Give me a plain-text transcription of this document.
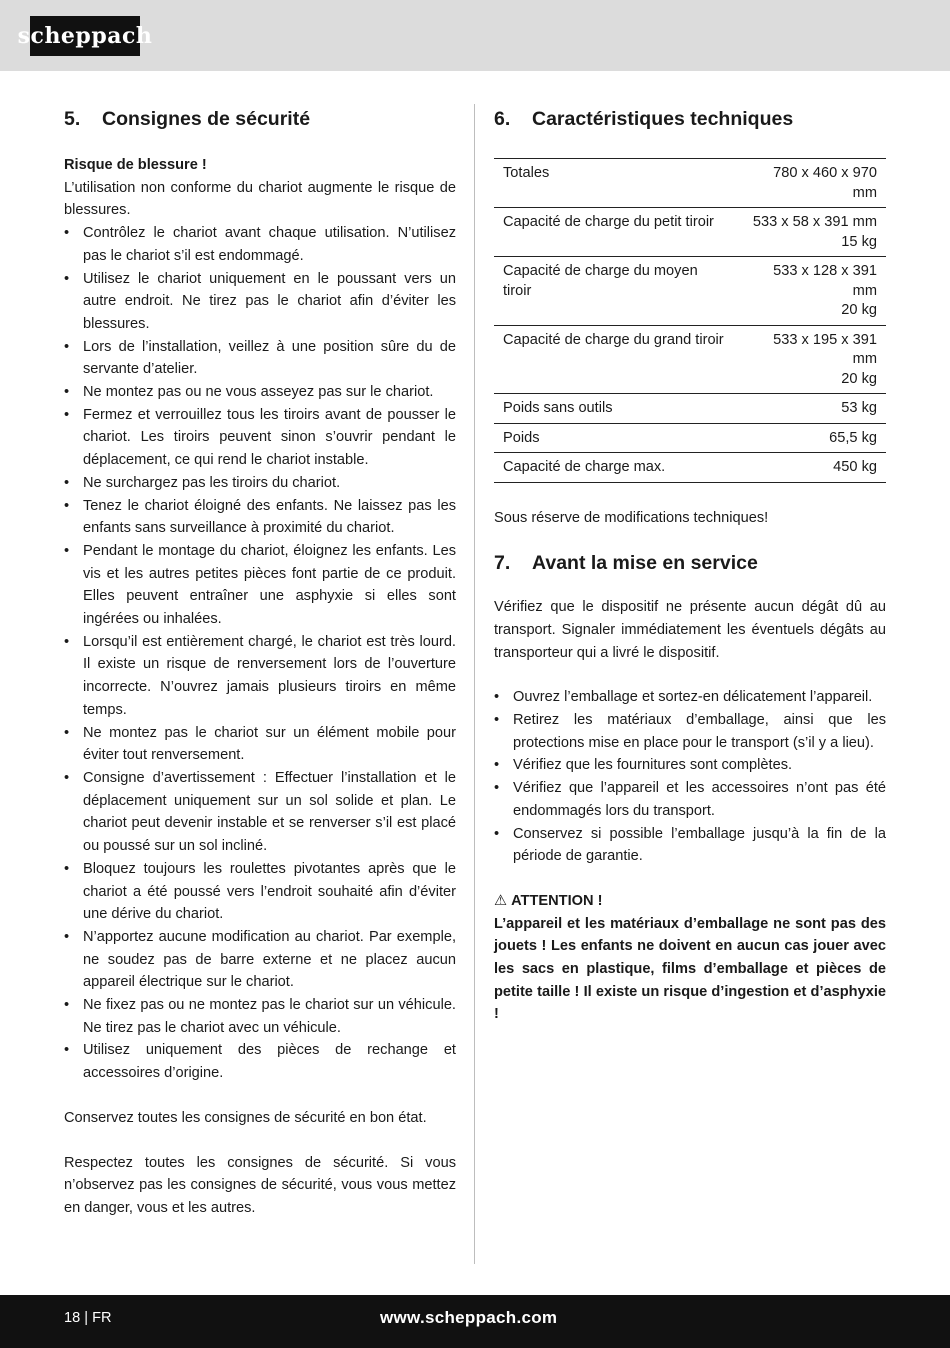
scheppach
5.	Consignes de sécurité

Risque de blessure !

L’utilisation non conforme du chariot augmente le risque de blessures.

• Contrôlez le chariot avant chaque utilisation. N’utilisez pas le chariot s’il est endommagé.
• Utilisez le chariot uniquement en le poussant vers un autre endroit. Ne tirez pas le chariot afin d’éviter les blessures.
• Lors de l’installation, veillez à une position sûre du de servante d’atelier.
• Ne montez pas ou ne vous asseyez pas sur le chariot.
• Fermez et verrouillez tous les tiroirs avant de pousser le chariot. Les tiroirs peuvent sinon s’ouvrir pendant le déplacement, ce qui rend le chariot instable.
• Ne surchargez pas les tiroirs du chariot.
• Tenez le chariot éloigné des enfants. Ne laissez pas les enfants sans surveillance à proximité du chariot.
• Pendant le montage du chariot, éloignez les enfants. Les vis et les autres petites pièces font partie de ce produit. Elles peuvent entraîner une asphyxie si elles sont ingérées ou inhalées.
• Lorsqu’il est entièrement chargé, le chariot est très lourd. Il existe un risque de renversement lors de l’ouverture incorrecte. N’ouvrez jamais plusieurs tiroirs en même temps.
• Ne montez pas le chariot sur un élément mobile pour éviter tout renversement.
• Consigne d’avertissement : Effectuer l’installation et le déplacement uniquement sur un sol solide et plan. Le chariot peut devenir instable et se renverser s’il est placé ou poussé sur un sol incliné.
• Bloquez toujours les roulettes pivotantes après que le chariot a été poussé vers l’endroit souhaité afin d’éviter une dérive du chariot.
• N’apportez aucune modification au chariot. Par exemple, ne soudez pas de barre externe et ne placez aucun appareil électrique sur le chariot.
• Ne fixez pas ou ne montez pas le chariot sur un véhicule. Ne tirez pas le chariot avec un véhicule.
• Utilisez uniquement des pièces de rechange et accessoires d’origine.

Conservez toutes les consignes de sécurité en bon état.

Respectez toutes les consignes de sécurité. Si vous n’observez pas les consignes de sécurité, vous vous mettez en danger, vous et les autres.

6.	Caractéristiques techniques
Totales	780 x 460 x 970 mm
Capacité de charge du petit tiroir	533 x 58 x 391 mm
15 kg
Capacité de charge du moyen tiroir	533 x 128 x 391 mm
20 kg
Capacité de charge du grand tiroir	533 x 195 x 391 mm
20 kg
Poids sans outils	53 kg
Poids	65,5 kg
Capacité de charge max.	450 kg

Sous réserve de modifications techniques!

7.	Avant la mise en service

Vérifiez que le dispositif ne présente aucun dégât dû au transport. Signaler immédiatement les éventuels dégâts au transporteur qui a livré le dispositif.

• Ouvrez l’emballage et sortez-en délicatement l’appareil.
• Retirez les matériaux d’emballage, ainsi que les protections mise en place pour le transport (s’il y a lieu).
• Vérifiez que les fournitures sont complètes.
• Vérifiez que l’appareil et les accessoires n’ont pas été endommagés lors du transport.
• Conservez si possible l’emballage jusqu’à la fin de la période de garantie.

⚠ ATTENTION !

L’appareil et les matériaux d’emballage ne sont pas des jouets ! Les enfants ne doivent en aucun cas jouer avec les sacs en plastique, films d’emballage et pièces de petite taille ! Il existe un risque d’ingestion et d’asphyxie !

18 | FR	www.scheppach.com
